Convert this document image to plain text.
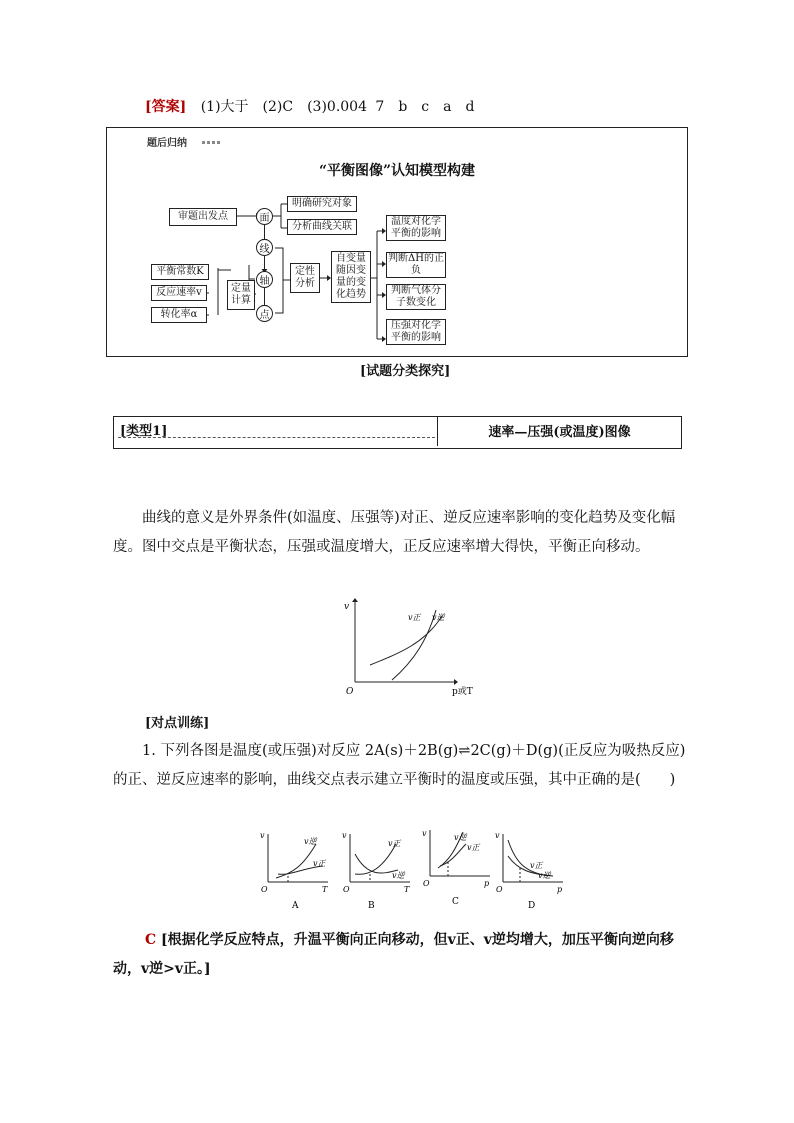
[答案] (1)大于　(2)C　(3)0.004 7　b　c　a　d
题后归纳
“平衡图像”认知模型构建
审题出发点	面
明确研究对象
分析曲线关联
线
轴
点
平衡常数K
反应速率v
转化率α
定量计算
定性分析
自变量随因变量的变化趋势
温度对化学平衡的影响
判断ΔH的正负
判断气体分子数变化
压强对化学平衡的影响
[试题分类探究]
[类型1]	速率—压强(或温度)图像
曲线的意义是外界条件(如温度、压强等)对正、逆反应速率影响的变化趋势及变化幅度。图中交点是平衡状态，压强或温度增大，正反应速率增大得快，平衡正向移动。
v
O	p或T
v正 v逆
[对点训练]
1. 下列各图是温度(或压强)对反应 2A(s)＋2B(g)⇌2C(g)＋D(g)(正反应为吸热反应)的正、逆反应速率的影响，曲线交点表示建立平衡时的温度或压强，其中正确的是(　　)
v
O	T
v逆
v正
v
O	T
v正
v逆
v
O	p
v逆
v正
v
O	p
v正
v逆
A	B	C	D
C [根据化学反应特点，升温平衡向正向移动，但v正、v逆均增大，加压平衡向逆向移动，v逆>v正。]
